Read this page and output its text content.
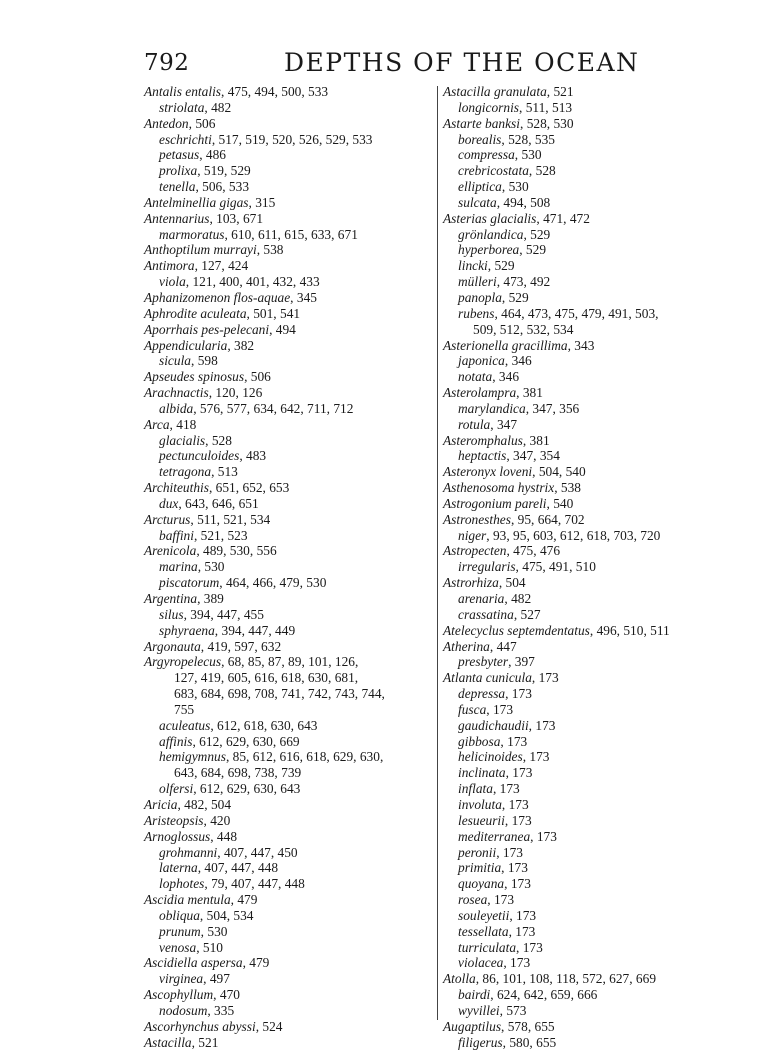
792	DEPTHS OF THE OCEAN
Antalis entalis, 475, 494, 500, 533
striolata, 482
Antedon, 506
eschrichti, 517, 519, 520, 526, 529, 533
petasus, 486
prolixa, 519, 529
tenella, 506, 533
Antelminellia gigas, 315
Antennarius, 103, 671
marmoratus, 610, 611, 615, 633, 671
Anthoptilum murrayi, 538
Antimora, 127, 424
viola, 121, 400, 401, 432, 433
Aphanizomenon flos-aquae, 345
Aphrodite aculeata, 501, 541
Aporrhais pes-pelecani, 494
Appendicularia, 382
sicula, 598
Apseudes spinosus, 506
Arachnactis, 120, 126
albida, 576, 577, 634, 642, 711, 712
Arca, 418
glacialis, 528
pectunculoides, 483
tetragona, 513
Architeuthis, 651, 652, 653
dux, 643, 646, 651
Arcturus, 511, 521, 534
baffini, 521, 523
Arenicola, 489, 530, 556
marina, 530
piscatorum, 464, 466, 479, 530
Argentina, 389
silus, 394, 447, 455
sphyraena, 394, 447, 449
Argonauta, 419, 597, 632
Argyropelecus, 68, 85, 87, 89, 101, 126,
127, 419, 605, 616, 618, 630, 681,
683, 684, 698, 708, 741, 742, 743, 744,
755
aculeatus, 612, 618, 630, 643
affinis, 612, 629, 630, 669
hemigymnus, 85, 612, 616, 618, 629, 630,
643, 684, 698, 738, 739
olfersi, 612, 629, 630, 643
Aricia, 482, 504
Aristeopsis, 420
Arnoglossus, 448
grohmanni, 407, 447, 450
laterna, 407, 447, 448
lophotes, 79, 407, 447, 448
Ascidia mentula, 479
obliqua, 504, 534
prunum, 530
venosa, 510
Ascidiella aspersa, 479
virginea, 497
Ascophyllum, 470
nodosum, 335
Ascorhynchus abyssi, 524
Astacilla, 521
Astacilla granulata, 521
longicornis, 511, 513
Astarte banksi, 528, 530
borealis, 528, 535
compressa, 530
crebricostata, 528
elliptica, 530
sulcata, 494, 508
Asterias glacialis, 471, 472
grönlandica, 529
hyperborea, 529
lincki, 529
mülleri, 473, 492
panopla, 529
rubens, 464, 473, 475, 479, 491, 503,
509, 512, 532, 534
Asterionella gracillima, 343
japonica, 346
notata, 346
Asterolampra, 381
marylandica, 347, 356
rotula, 347
Asteromphalus, 381
heptactis, 347, 354
Asteronyx loveni, 504, 540
Asthenosoma hystrix, 538
Astrogonium pareli, 540
Astronesthes, 95, 664, 702
niger, 93, 95, 603, 612, 618, 703, 720
Astropecten, 475, 476
irregularis, 475, 491, 510
Astrorhiza, 504
arenaria, 482
crassatina, 527
Atelecyclus septemdentatus, 496, 510, 511
Atherina, 447
presbyter, 397
Atlanta cunicula, 173
depressa, 173
fusca, 173
gaudichaudii, 173
gibbosa, 173
helicinoides, 173
inclinata, 173
inflata, 173
involuta, 173
lesueurii, 173
mediterranea, 173
peronii, 173
primitia, 173
quoyana, 173
rosea, 173
souleyetii, 173
tessellata, 173
turriculata, 173
violacea, 173
Atolla, 86, 101, 108, 118, 572, 627, 669
bairdi, 624, 642, 659, 666
wyvillei, 573
Augaptilus, 578, 655
filigerus, 580, 655
